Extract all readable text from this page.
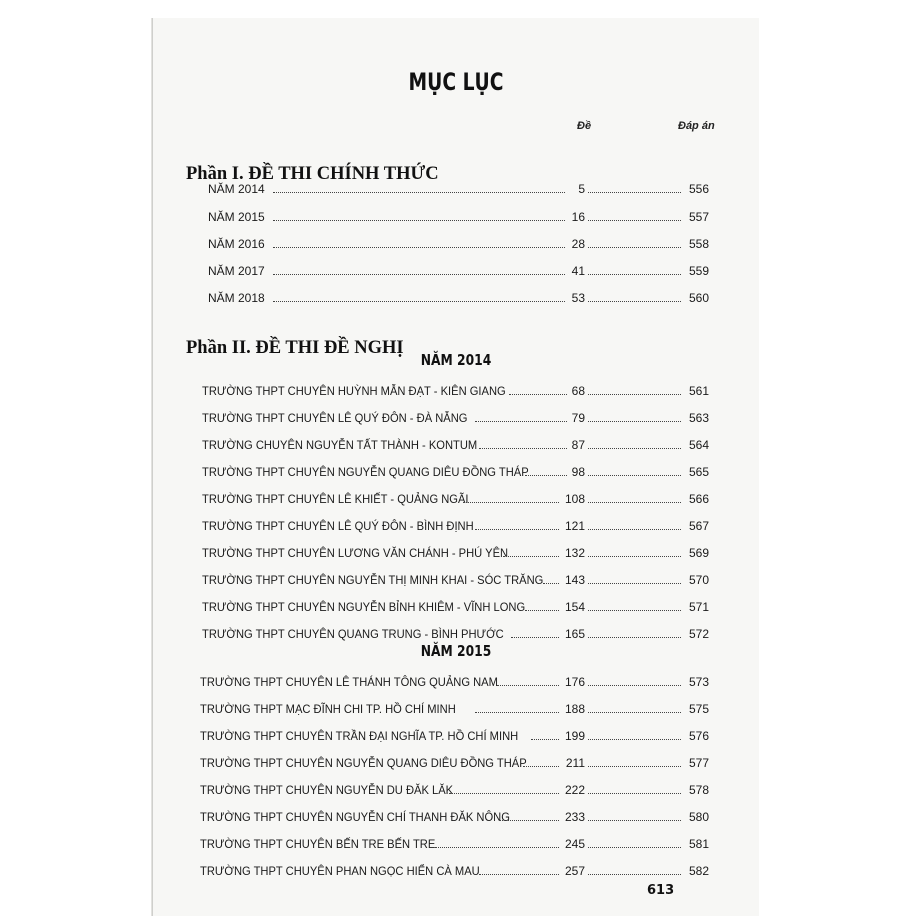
MỤC LỤC
Đề	Đáp án
Phần I. ĐỀ THI CHÍNH THỨC
NĂM 2014	5	556
NĂM 2015	16	557
NĂM 2016	28	558
NĂM 2017	41	559
NĂM 2018	53	560
Phần II. ĐỀ THI ĐỀ NGHỊ
NĂM 2014
TRƯỜNG THPT CHUYÊN HUỲNH MẪN ĐẠT - KIÊN GIANG	68	561
TRƯỜNG THPT CHUYÊN LÊ QUÝ ĐÔN - ĐÀ NẴNG	79	563
TRƯỜNG CHUYÊN NGUYỄN TẤT THÀNH - KONTUM	87	564
TRƯỜNG THPT CHUYÊN NGUYỄN QUANG DIÊU ĐỒNG THÁP	98	565
TRƯỜNG THPT CHUYÊN LÊ KHIẾT - QUẢNG NGÃI	108	566
TRƯỜNG THPT CHUYÊN LÊ QUÝ ĐÔN - BÌNH ĐỊNH	121	567
TRƯỜNG THPT CHUYÊN LƯƠNG VĂN CHÁNH - PHÚ YÊN	132	569
TRƯỜNG THPT CHUYÊN NGUYỄN THỊ MINH KHAI - SÓC TRĂNG 143	570
TRƯỜNG THPT CHUYÊN NGUYỄN BỈNH KHIÊM - VĨNH LONG	154	571
TRƯỜNG THPT CHUYÊN QUANG TRUNG - BÌNH PHƯỚC	165	572
NĂM 2015
TRƯỜNG THPT CHUYÊN LÊ THÁNH TÔNG QUẢNG NAM	176	573
TRƯỜNG THPT MẠC ĐĨNH CHI TP. HỒ CHÍ MINH	188	575
TRƯỜNG THPT CHUYÊN TRẦN ĐẠI NGHĨA TP. HỒ CHÍ MINH	199	576
TRƯỜNG THPT CHUYÊN NGUYỄN QUANG DIÊU ĐỒNG THÁP	211	577
TRƯỜNG THPT CHUYÊN NGUYỄN DU ĐĂK LĂK	222	578
TRƯỜNG THPT CHUYÊN NGUYỄN CHÍ THANH ĐĂK NÔNG	233	580
TRƯỜNG THPT CHUYÊN BẾN TRE BẾN TRE	245	581
TRƯỜNG THPT CHUYÊN PHAN NGỌC HIỂN CÀ MAU	257	582
613
